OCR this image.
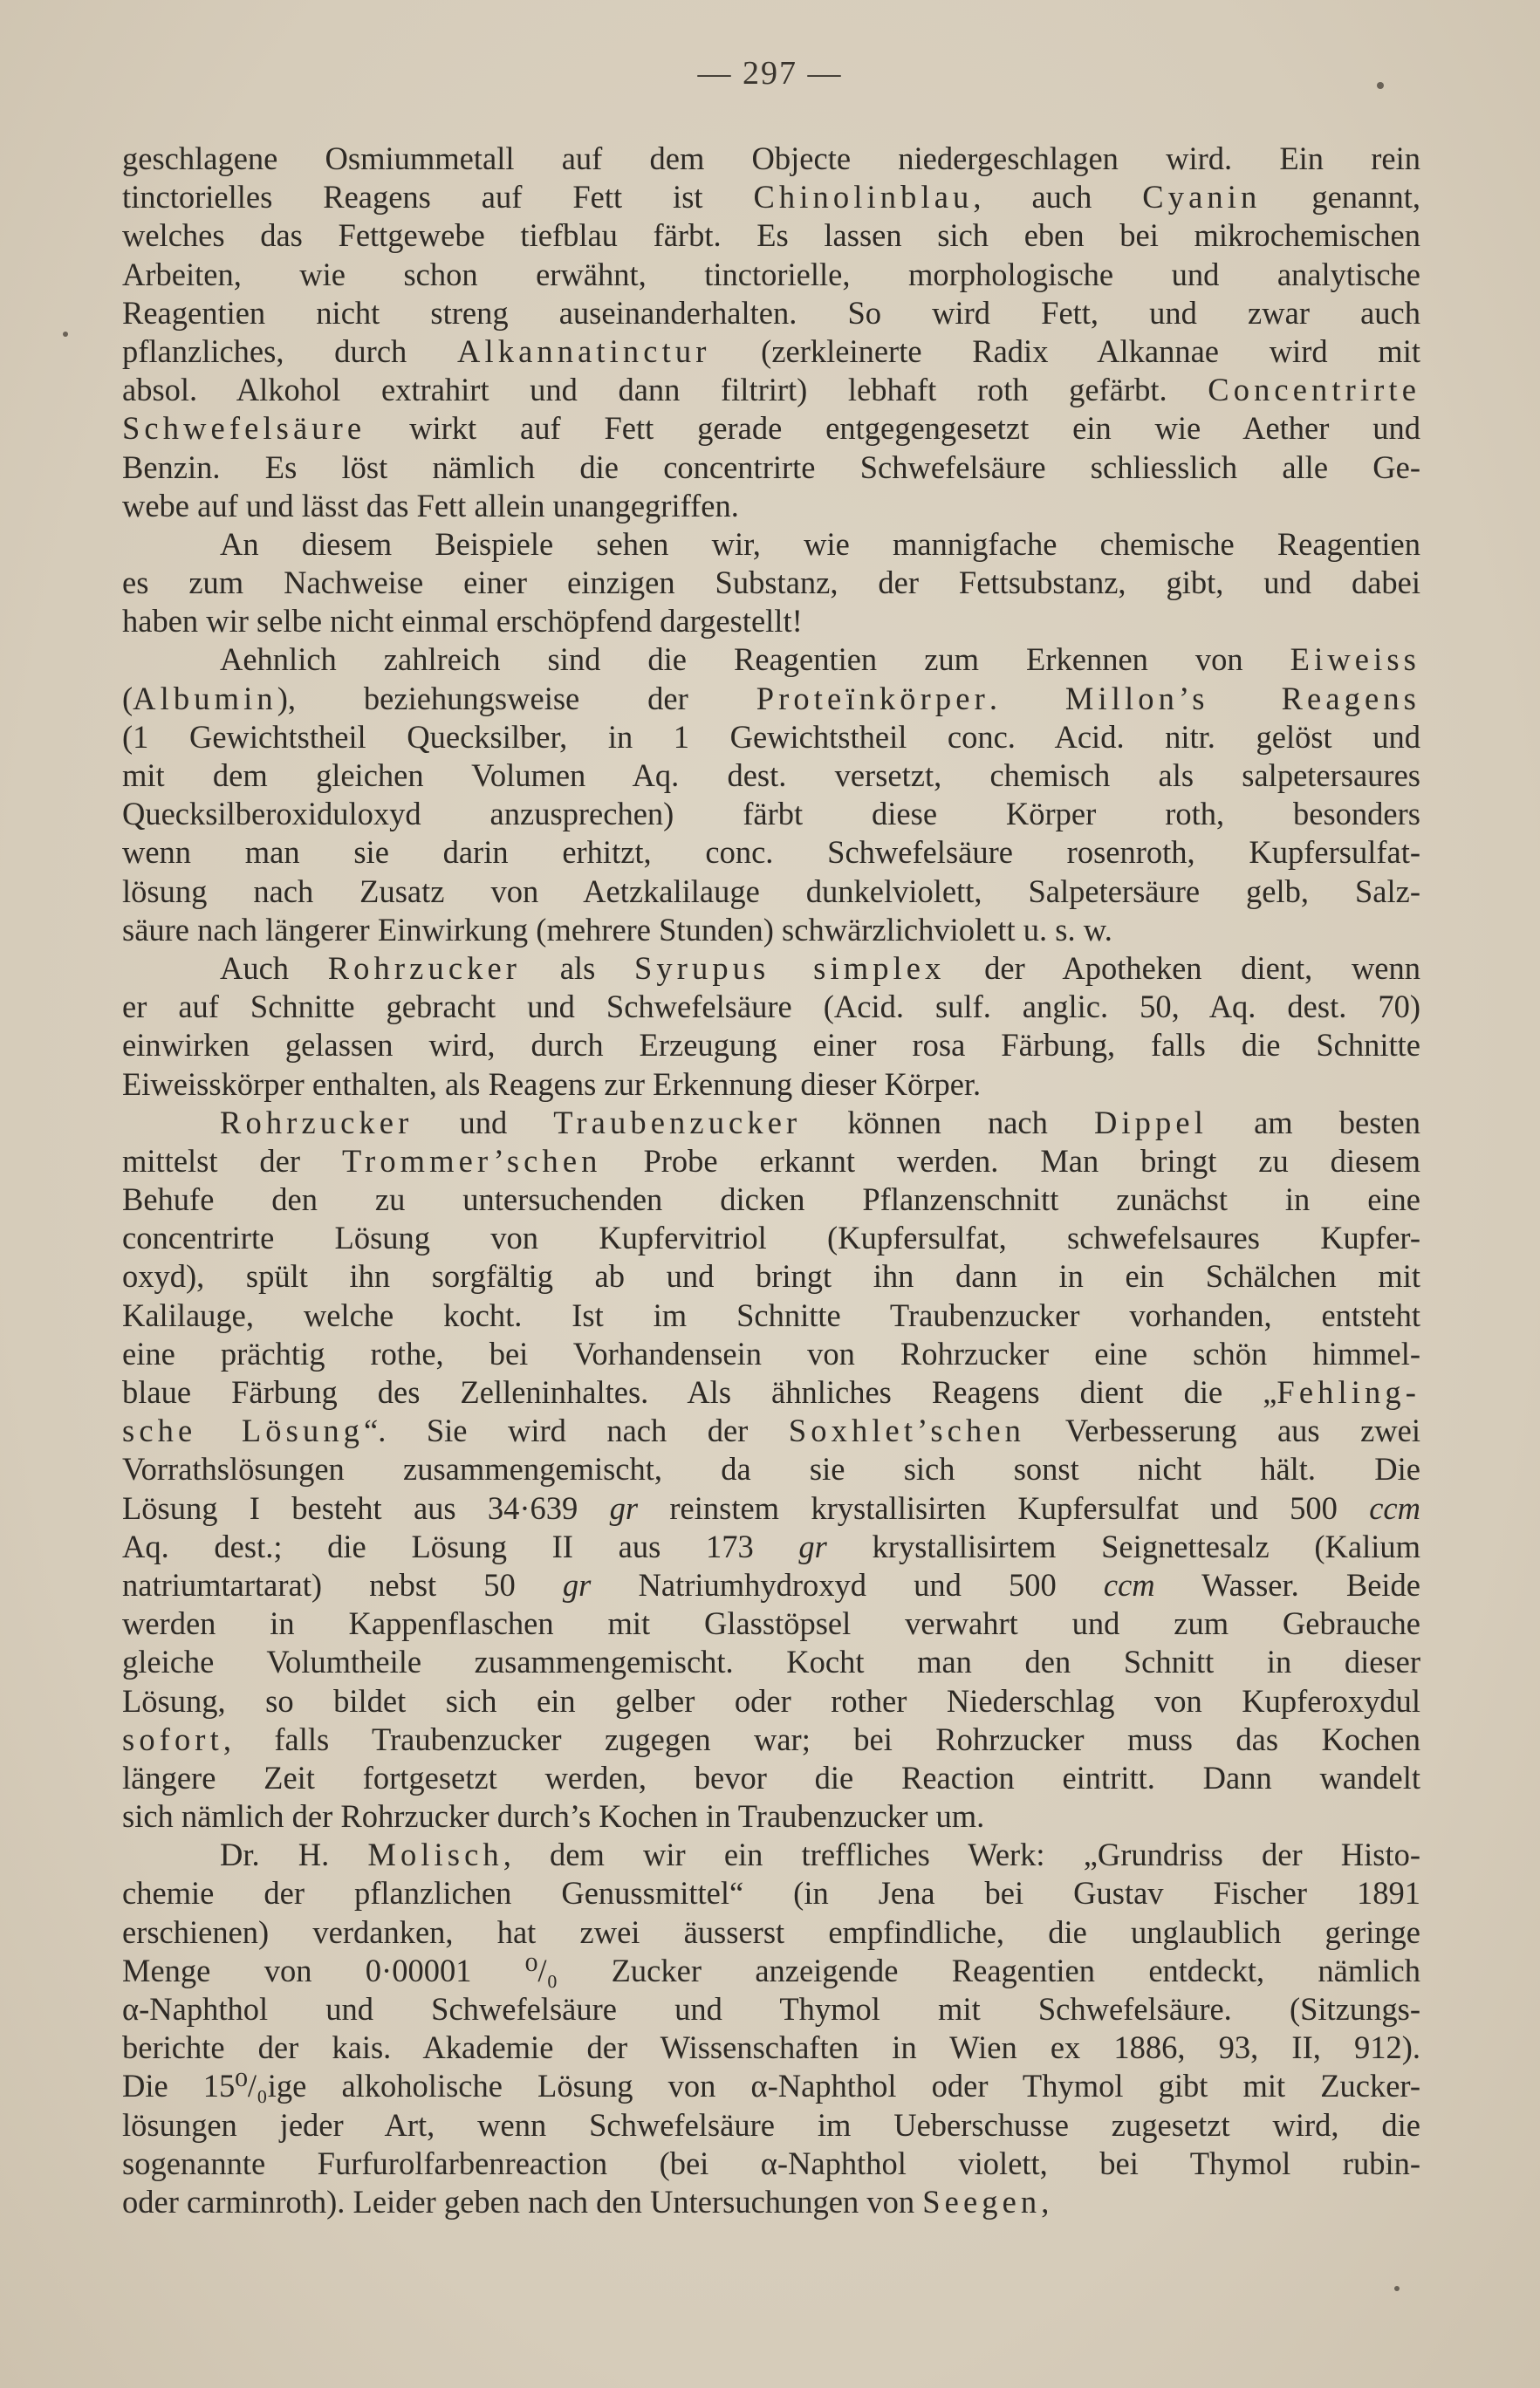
— 297 —
geschlagene Osmiummetall auf dem Objecte niedergeschlagen wird. Ein rein
tinctorielles Reagens auf Fett ist Chinolinblau, auch Cyanin genannt,
welches das Fettgewebe tiefblau färbt. Es lassen sich eben bei mikrochemischen
Arbeiten, wie schon erwähnt, tinctorielle, morphologische und analytische
Reagentien nicht streng auseinanderhalten. So wird Fett, und zwar auch
pflanzliches, durch Alkannatinctur (zerkleinerte Radix Alkannae wird mit
absol. Alkohol extrahirt und dann filtrirt) lebhaft roth gefärbt. Concentrirte
Schwefelsäure wirkt auf Fett gerade entgegengesetzt ein wie Aether und
Benzin. Es löst nämlich die concentrirte Schwefelsäure schliesslich alle Ge-
webe auf und lässt das Fett allein unangegriffen.
An diesem Beispiele sehen wir, wie mannigfache chemische Reagentien
es zum Nachweise einer einzigen Substanz, der Fettsubstanz, gibt, und dabei
haben wir selbe nicht einmal erschöpfend dargestellt!
Aehnlich zahlreich sind die Reagentien zum Erkennen von Eiweiss
(Albumin), beziehungsweise der Proteïnkörper. Millon’s Reagens
(1 Gewichtstheil Quecksilber, in 1 Gewichtstheil conc. Acid. nitr. gelöst und
mit dem gleichen Volumen Aq. dest. versetzt, chemisch als salpetersaures
Quecksilberoxiduloxyd anzusprechen) färbt diese Körper roth, besonders
wenn man sie darin erhitzt, conc. Schwefelsäure rosenroth, Kupfersulfat-
lösung nach Zusatz von Aetzkalilauge dunkelviolett, Salpetersäure gelb, Salz-
säure nach längerer Einwirkung (mehrere Stunden) schwärzlichviolett u. s. w.
Auch Rohrzucker als Syrupus simplex der Apotheken dient, wenn
er auf Schnitte gebracht und Schwefelsäure (Acid. sulf. anglic. 50, Aq. dest. 70)
einwirken gelassen wird, durch Erzeugung einer rosa Färbung, falls die Schnitte
Eiweisskörper enthalten, als Reagens zur Erkennung dieser Körper.
Rohrzucker und Traubenzucker können nach Dippel am besten
mittelst der Trommer’schen Probe erkannt werden. Man bringt zu diesem
Behufe den zu untersuchenden dicken Pflanzenschnitt zunächst in eine
concentrirte Lösung von Kupfervitriol (Kupfersulfat, schwefelsaures Kupfer-
oxyd), spült ihn sorgfältig ab und bringt ihn dann in ein Schälchen mit
Kalilauge, welche kocht. Ist im Schnitte Traubenzucker vorhanden, entsteht
eine prächtig rothe, bei Vorhandensein von Rohrzucker eine schön himmel-
blaue Färbung des Zelleninhaltes. Als ähnliches Reagens dient die „Fehling-
sche Lösung“. Sie wird nach der Soxhlet’schen Verbesserung aus zwei
Vorrathslösungen zusammengemischt, da sie sich sonst nicht hält. Die
Lösung I besteht aus 34·639 gr reinstem krystallisirten Kupfersulfat und 500 ccm
Aq. dest.; die Lösung II aus 173 gr krystallisirtem Seignettesalz (Kalium
natriumtartarat) nebst 50 gr Natriumhydroxyd und 500 ccm Wasser. Beide
werden in Kappenflaschen mit Glasstöpsel verwahrt und zum Gebrauche
gleiche Volumtheile zusammengemischt. Kocht man den Schnitt in dieser
Lösung, so bildet sich ein gelber oder rother Niederschlag von Kupferoxydul
sofort, falls Traubenzucker zugegen war; bei Rohrzucker muss das Kochen
längere Zeit fortgesetzt werden, bevor die Reaction eintritt. Dann wandelt
sich nämlich der Rohrzucker durch’s Kochen in Traubenzucker um.
Dr. H. Molisch, dem wir ein treffliches Werk: „Grundriss der Histo-
chemie der pflanzlichen Genussmittel“ (in Jena bei Gustav Fischer 1891
erschienen) verdanken, hat zwei äusserst empfindliche, die unglaublich geringe
Menge von 0·00001 ⁰/₀ Zucker anzeigende Reagentien entdeckt, nämlich
α-Naphthol und Schwefelsäure und Thymol mit Schwefelsäure. (Sitzungs-
berichte der kais. Akademie der Wissenschaften in Wien ex 1886, 93, II, 912).
Die 15⁰/₀ige alkoholische Lösung von α-Naphthol oder Thymol gibt mit Zucker-
lösungen jeder Art, wenn Schwefelsäure im Ueberschusse zugesetzt wird, die
sogenannte Furfurolfarbenreaction (bei α-Naphthol violett, bei Thymol rubin-
oder carminroth). Leider geben nach den Untersuchungen von Seegen,
